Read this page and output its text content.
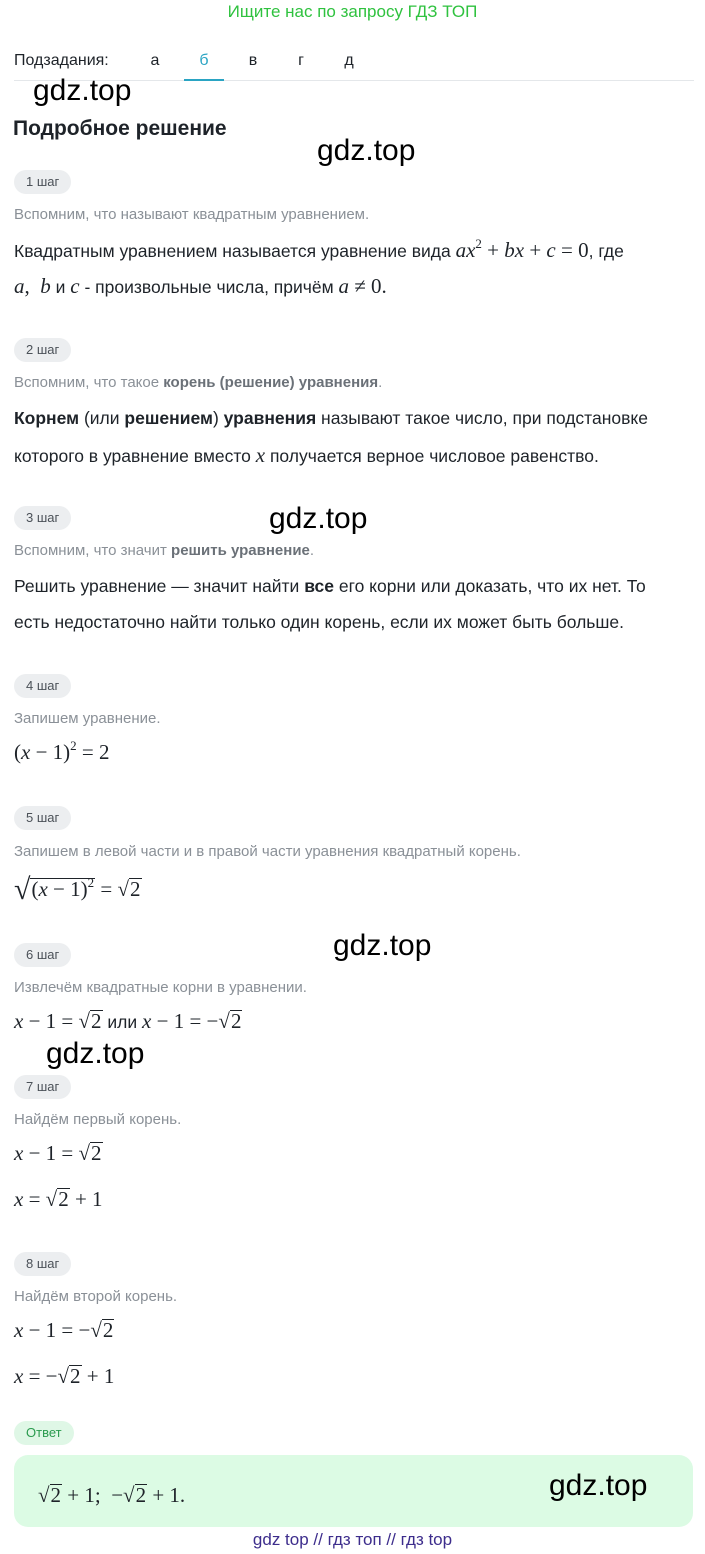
Ищите нас по запросу ГДЗ ТОП
Подзадания:	а	б	в	г	д
gdz.top
gdz.top
gdz.top
gdz.top
gdz.top
Подробное решение
1 шаг
Вспомним, что называют квадратным уравнением.
Квадратным уравнением называется уравнение вида $ax^2$ + bx + c = 0, где
a,  b и c - произвольные числа, причём a ≠ 0.
2 шаг
Вспомним, что такое корень (решение) уравнения.
Корнем (или решением) уравнения называют такое число, при подстановке
которого в уравнение вместо x получается верное числовое равенство.
3 шаг
Вспомним, что значит решить уравнение.
Решить уравнение — значит найти все его корни или доказать, что их нет. То
есть недостаточно найти только один корень, если их может быть больше.
4 шаг
Запишем уравнение.
$(x - 1)^2 = 2$
5 шаг
Запишем в левой части и в правой части уравнения квадратный корень.
$√(x - 1)^2 = √2$
6 шаг
Извлечём квадратные корни в уравнении.
x − 1 = √2 или x − 1 = −√2
7 шаг
Найдём первый корень.
x − 1 = √2
x = √2 + 1
8 шаг
Найдём второй корень.
x − 1 = −√2
x = −√2 + 1
Ответ
√2 + 1;  −√2 + 1.	gdz.top
gdz top // гдз топ // гдз top
